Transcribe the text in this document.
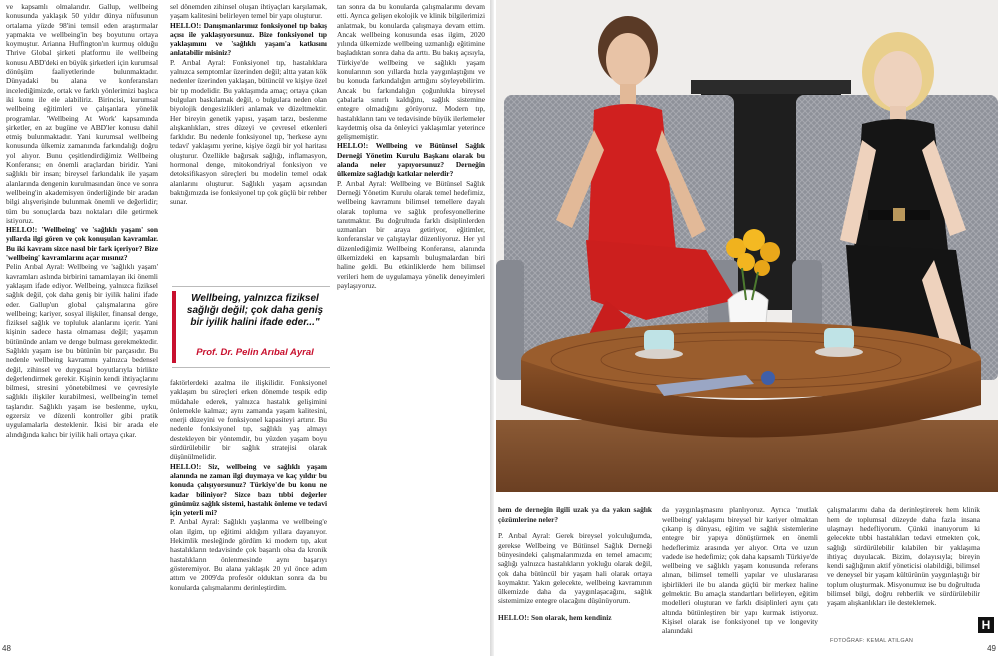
ve kapsamlı olmalarıdır. Gallup, wellbeing konusunda yaklaşık 50 yıldır dünya nüfusunun ortalama yüzde 98'ini temsil eden araştırmalar yapmakta ve wellbeing'in beş boyutunu ortaya koymuştur. Arianna Huffington'ın kurmuş olduğu Thrive Global şirketi platformu ile wellbeing konusu ABD'deki en büyük şirketleri için kurumsal dönüşüm faaliyetlerinde bulunmaktadır. Dünyadaki bu alana ve konferansları incelediğimizde, ortak ve farklı yönlerimizi başlıca iki konu ile ele alabiliriz. Birincisi, kurumsal wellbeing eğitimleri ve çalışanlara yönelik programlar. 'Wellbeing At Work' kapsamında şirketler, en az bugüne ve ABD'ler konusu dahil etmiş bulunmaktadır. Yani kurumsal wellbeing konusunda ülkemiz zamanında farkındalığı doğru yol alıyor. Bunu çeşitlendirdiğimiz Wellbeing Konferansı; en önemli araçlardan biridir. Yani sağlıklı bir insan; bireysel farkındalık ile yaşam alanlarında dengenin kurulmasından önce ve sonra wellbeing'in akademisyen önderliğinde bir aradan bilgi alışverişinde bulunmak önemli ve değerlidir; tüm bu sonuçlarda bazı noktaları dile getirmek istiyoruz.

HELLO!: 'Wellbeing' ve 'sağlıklı yaşam' son yıllarda ilgi gören ve çok konuşulan kavramlar. Bu iki kavram sizce nasıl bir fark içeriyor? Bize 'wellbeing' kavramlarını açar mısınız?

Pelin Arıbal Ayral: Wellbeing ve 'sağlıklı yaşam' kavramları aslında birbirini tamamlayan iki önemli yaklaşım ifade ediyor. Wellbeing, yalnızca fiziksel sağlık değil, çok daha geniş bir iyilik halini ifade eder. Gallup'un global çalışmalarına göre wellbeing; kariyer, sosyal ilişkiler, finansal denge, fiziksel sağlık ve topluluk alanlarını içerir. Yani kişinin sadece hasta olmaması değil; yaşamın bütününde anlam ve denge bulması gerekmektedir. Sağlıklı yaşam ise bu bütünün bir parçasıdır. Bu nedenle wellbeing kavramını yalnızca bedensel değil, zihinsel ve duygusal boyutlarıyla birlikte değerlendirmek gerekir. Kişinin kendi ihtiyaçlarını bilmesi, stresini yönetebilmesi ve çevresiyle sağlıklı ilişkiler kurabilmesi, wellbeing'in temel taşlarıdır. Sağlıklı yaşam ise beslenme, uyku, egzersiz ve düzenli kontroller gibi pratik uygulamalarla desteklenir. İkisi bir arada ele alındığında kalıcı bir iyilik hali ortaya çıkar.

sel dönemden zihinsel oluşan ihtiyaçları karşılamak, yaşam kalitesini belirleyen temel bir yapı oluşturur.

HELLO!: Danışmanlarımız fonksiyonel tıp bakış açısı ile yaklaşıyorsunuz. Bize fonksiyonel tıp yaklaşımını ve 'sağlıklı yaşam'a katkısını anlatabilir misiniz?

P. Arıbal Ayral: Fonksiyonel tıp, hastalıklara yalnızca semptomlar üzerinden değil; altta yatan kök nedenler üzerinden yaklaşan, bütüncül ve kişiye özel bir tıp modelidir. Bu yaklaşımda amaç; ortaya çıkan bulguları baskılamak değil, o bulgulara neden olan biyolojik dengesizlikleri anlamak ve düzeltmektir. Her bireyin genetik yapısı, yaşam tarzı, beslenme alışkanlıkları, stres düzeyi ve çevresel etkenleri farklıdır. Bu nedenle fonksiyonel tıp, 'herkese aynı tedavi' yaklaşımı yerine, kişiye özgü bir yol haritası oluşturur. Özellikle bağırsak sağlığı, inflamasyon, hormonal denge, mitokondriyal fonksiyon ve detoksifikasyon süreçleri bu modelin temel odak alanlarını oluşturur. Sağlıklı yaşam açısından baktığımızda ise fonksiyonel tıp çok güçlü bir rehber sunar.

Wellbeing, yalnızca fiziksel sağlığı değil; çok daha geniş bir iyilik halini ifade eder..."
Prof. Dr. Pelin Arıbal Ayral

faktörlerdeki azalma ile ilişkilidir. Fonksiyonel yaklaşım bu süreçleri erken dönemde tespik edip müdahale ederek, yalnızca hastalık gelişimini önlemekle kalmaz; aynı zamanda yaşam kalitesini, enerji düzeyini ve fonksiyonel kapasiteyi artırır. Bu nedenle fonksiyonel tıp, sağlıklı yaş almayı destekleyen bir yöntemdir, bu yüzden yaşam boyu sürdürülebilir bir sağlık stratejisi olarak düşünülmelidir.

HELLO!: Siz, wellbeing ve sağlıklı yaşam alanında ne zaman ilgi duymaya ve kaç yıldır bu konuda çalışıyorsunuz? Türkiye'de bu konu ne kadar biliniyor? Sizce bazı tıbbi değerler günümüz sağlık sistemi, hastalık önleme ve tedavi için yeterli mi?

P. Arıbal Ayral: Sağlıklı yaşlanma ve wellbeing'e olan ilgim, tıp eğitimi aldığım yıllara dayanıyor. Hekimlik mesleğinde gördüm ki modern tıp, akut hastalıkların tedavisinde çok başarılı olsa da kronik hastalıkların önlenmesinde aynı başarıyı gösteremiyor. Bu alana yaklaşık 20 yıl önce adım attım ve 2009'da profesör olduktan sonra da bu konularda çalışmalarımı derinleştirdim.

tan sonra da bu konularda çalışmalarımı devam etti. Ayrıca gelişen ekolojik ve klinik bilgilerimizi anlatmak, bu konularda çalışmaya devam ettim. Ancak wellbeing konusunda esas ilgim, 2020 yılında ülkemizde wellbeing uzmanlığı eğitimine başladıktan sonra daha da arttı. Bu bakış açısıyla, Türkiye'de wellbeing ve sağlıklı yaşam konularının son yıllarda hızla yaygınlaştığını ve bu konuda farkındalığın arttığını söyleyebilirim. Ancak bu farkındalığın çoğunlukla bireysel çabalarla sınırlı kaldığını, sağlık sistemine entegre olmadığını görüyoruz. Modern tıp, hastalıkların tanı ve tedavisinde büyük ilerlemeler kaydetmiş olsa da önleyici yaklaşımlar yeterince gelişmemiştir.

HELLO!: Wellbeing ve Bütünsel Sağlık Derneği Yönetim Kurulu Başkanı olarak bu alanda neler yapıyorsunuz? Derneğin ülkemize sağladığı katkılar nelerdir?

P. Arıbal Ayral: Wellbeing ve Bütünsel Sağlık Derneği Yönetim Kurulu olarak temel hedefimiz, wellbeing kavramını bilimsel temellere dayalı olarak topluma ve sağlık profesyonellerine tanıtmaktır. Bu doğrultuda farklı disiplinlerden uzmanları bir araya getiriyor, eğitimler, konferanslar ve çalıştaylar düzenliyoruz. Her yıl düzenlediğimiz Wellbeing Konferansı, alanında ülkemizdeki en kapsamlı buluşmalardan biri haline geldi. Bu etkinliklerde hem bilimsel verileri hem de uygulamaya yönelik deneyimleri paylaşıyoruz.

48

hem de derneğin ilgili uzak ya da yakın sağlık çözümlerine neler?

P. Arıbal Ayral: Gerek bireysel yolculuğumda, gerekse Wellbeing ve Bütünsel Sağlık Derneği bünyesindeki çalışmalarımızda en temel amacım; sağlığı yalnızca hastalıkların yokluğu olarak değil, çok daha bütüncül bir yaşam hali olarak ortaya koymaktır. Yakın gelecekte, wellbeing kavramının ülkemizde daha da yaygınlaşacağını, sağlık sistemimize entegre olacağını düşünüyorum.

HELLO!: Son olarak, hem kendiniz

da yaygınlaşmasını planlıyoruz. Ayrıca 'mutlak wellbeing' yaklaşımı bireysel bir kariyer olmaktan çıkarıp iş dünyası, eğitim ve sağlık sistemlerine entegre bir yapıya dönüştürmek en önemli hedeflerimiz arasında yer alıyor. Orta ve uzun vadede ise hedefimiz; çok daha kapsamlı Türkiye'de wellbeing ve sağlıklı yaşam konusunda referans alınan, bilimsel temelli yapılar ve uluslararası işbirlikleri ile bu alanda güçlü bir merkez haline gelmektir. Bu amaçla standartları belirleyen, eğitim modelleri oluşturan ve farklı disiplinleri aynı çatı altında bütünleştiren bir yapı kurmak istiyoruz. Kişisel olarak ise fonksiyonel tıp ve longevity alanındaki

çalışmalarımı daha da derinleştirerek hem klinik hem de toplumsal düzeyde daha fazla insana ulaşmayı hedefliyorum. Çünkü inanıyorum ki gelecekte tıbbi hastalıkları tedavi etmekten çok, sağlığı sürdürülebilir kılabilen bir yaklaşıma ihtiyaç duyulacak. Bizim, dolayısıyla; bireyin kendi sağlığının aktif yöneticisi olabildiği, bilimsel ve deneysel bir yaşam kültürünün yaygınlaştığı bir toplum oluşturmak. Misyonumuz ise bu doğrultuda bilimsel bilgi, doğru rehberlik ve sürdürülebilir yaşam alışkanlıkları ile desteklemek.

FOTOĞRAF: KEMAL ATILGAN
H
49
